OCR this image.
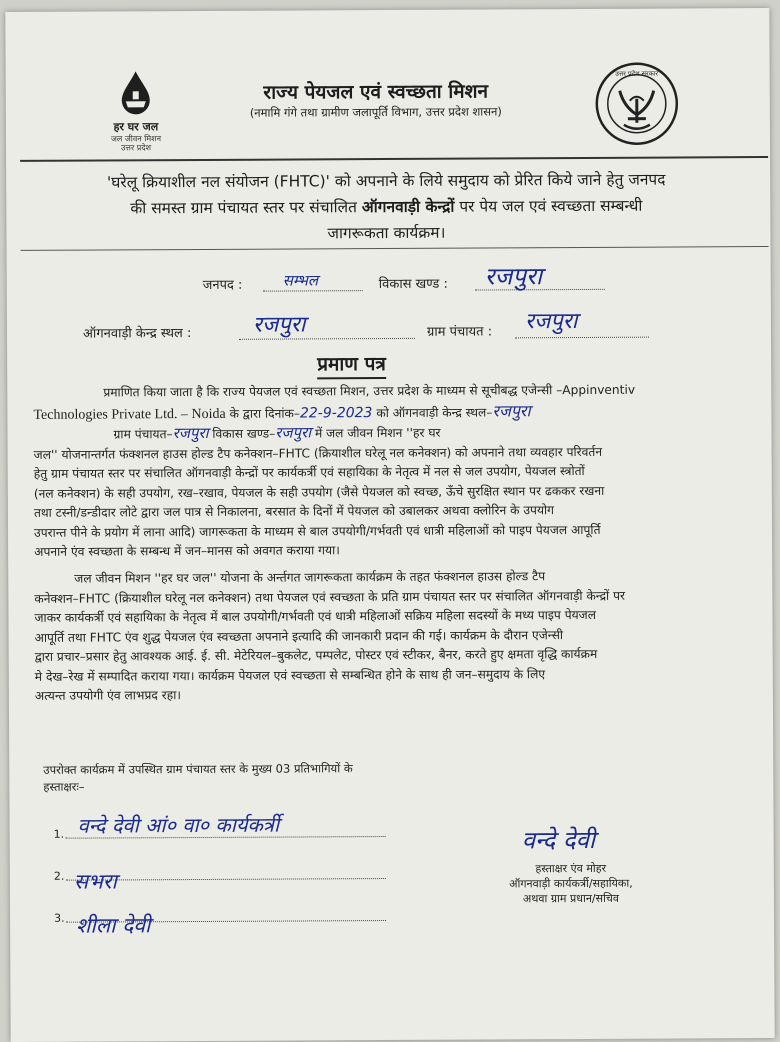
हर घर जल
जल जीवन मिशन
उत्तर प्रदेश
राज्य पेयजल एवं स्वच्छता मिशन
(नमामि गंगे तथा ग्रामीण जलापूर्ति विभाग, उत्तर प्रदेश शासन)
उत्तर प्रदेश सरकार
'घरेलू क्रियाशील नल संयोजन (FHTC)' को अपनाने के लिये समुदाय को प्रेरित किये जाने हेतु जनपद
की समस्त ग्राम पंचायत स्तर पर संचालित ऑगनवाड़ी केन्द्रों पर पेय जल एवं स्वच्छता सम्बन्धी
जागरूकता कार्यक्रम।
जनपद :	सम्भल	विकास खण्ड : रजपुरा
ऑगनवाड़ी केन्द्र स्थल :	रजपुरा	ग्राम पंचायत : रजपुरा
प्रमाण पत्र
प्रमाणित किया जाता है कि राज्य पेयजल एवं स्वच्छता मिशन, उत्तर प्रदेश के माध्यम से सूचीबद्ध एजेन्सी –Appinventiv
Technologies Private Ltd. – Noida के द्वारा दिनांक–22-9-2023 को ऑगनवाड़ी केन्द्र स्थल–रजपुरा
ग्राम पंचायत–रजपुरा विकास खण्ड–रजपुरा में जल जीवन मिशन ''हर घर
जल'' योजनान्तर्गत फंक्शनल हाउस होल्ड टैप कनेक्शन–FHTC (क्रियाशील घरेलू नल कनेक्शन) को अपनाने तथा व्यवहार परिवर्तन
हेतु ग्राम पंचायत स्तर पर संचालित ऑगनवाड़ी केन्द्रों पर कार्यकर्त्री एवं सहायिका के नेतृत्व में नल से जल उपयोग, पेयजल स्त्रोतों
(नल कनेक्शन) के सही उपयोग, रख–रखाव, पेयजल के सही उपयोग (जैसे पेयजल को स्वच्छ, ऊँचे सुरक्षित स्थान पर ढककर रखना
तथा टस्नी/डन्डीदार लोटे द्वारा जल पात्र से निकालना, बरसात के दिनों में पेयजल को उबालकर अथवा क्लोरिन के उपयोग
उपरान्त पीने के प्रयोग में लाना आदि) जागरूकता के माध्यम से बाल उपयोगी/गर्भवती एवं धात्री महिलाओं को पाइप पेयजल आपूर्ति
अपनाने एंव स्वच्छता के सम्बन्ध में जन–मानस को अवगत कराया गया।
जल जीवन मिशन ''हर घर जल'' योजना के अर्न्तगत जागरूकता कार्यक्रम के तहत फंक्शनल हाउस होल्ड टैप
कनेक्शन–FHTC (क्रियाशील घरेलू नल कनेक्शन) तथा पेयजल एवं स्वच्छता के प्रति ग्राम पंचायत स्तर पर संचालित ऑगनवाड़ी केन्द्रों पर
जाकर कार्यकर्त्री एवं सहायिका के नेतृत्व में बाल उपयोगी/गर्भवती एवं धात्री महिलाओं सक्रिय महिला सदस्यों के मध्य पाइप पेयजल
आपूर्ति तथा FHTC एंव शुद्ध पेयजल एंव स्वच्छता अपनाने इत्यादि की जानकारी प्रदान की गई। कार्यक्रम के दौरान एजेन्सी
द्वारा प्रचार–प्रसार हेतु आवश्यक आई. ई. सी. मेटेरियल–बुकलेट, पम्पलेट, पोस्टर एवं स्टीकर, बैनर, करते हुए क्षमता वृद्धि कार्यक्रम
मे देख–रेख में सम्पादित कराया गया। कार्यक्रम पेयजल एवं स्वच्छता से सम्बन्धित होने के साथ ही जन–समुदाय के लिए
अत्यन्त उपयोगी एंव लाभप्रद रहा।
उपरोक्त कार्यक्रम में उपस्थित ग्राम पंचायत स्तर के मुख्य 03 प्रतिभागियों के
हस्ताक्षरः–
1. वन्दे देवी आं० वा० कार्यकर्त्री
2. सभरा
3. शीला देवी
वन्दे देवी
हस्ताक्षर एंव मोहर
ऑगनवाड़ी कार्यकर्त्री/सहायिका,
अथवा ग्राम प्रधान/सचिव
